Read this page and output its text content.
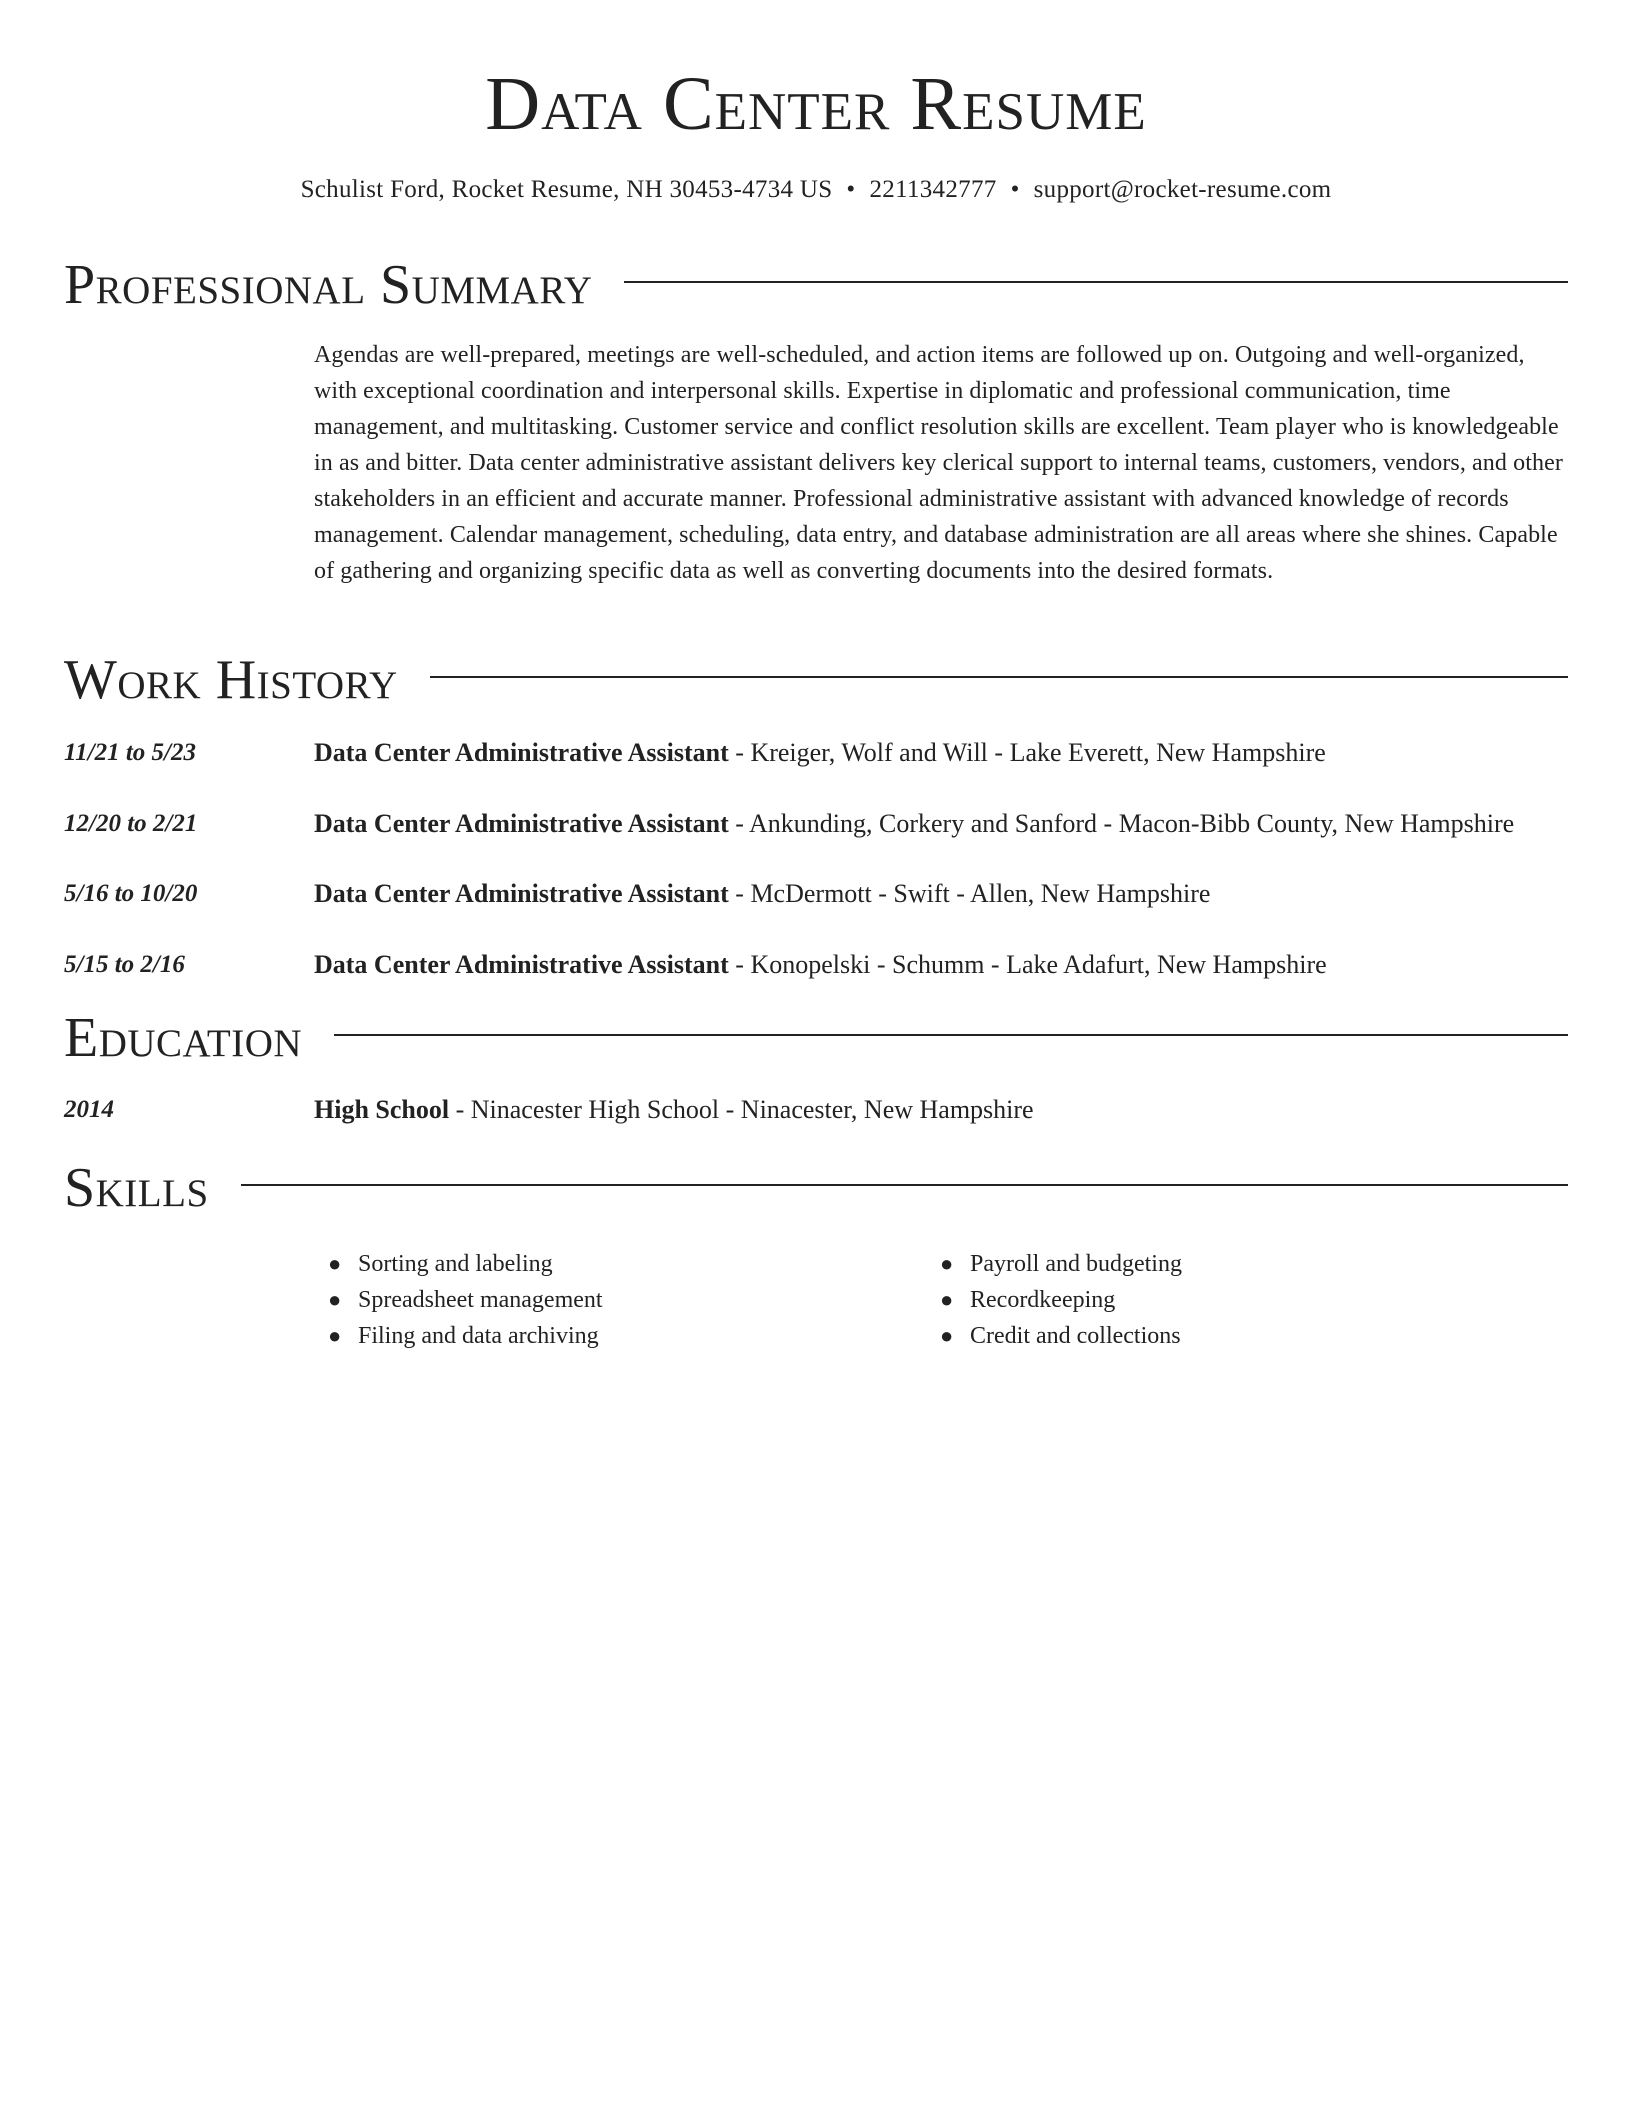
Data Center Resume
Schulist Ford, Rocket Resume, NH 30453-4734 US • 2211342777 • support@rocket-resume.com
Professional Summary

Agendas are well-prepared, meetings are well-scheduled, and action items are followed up on. Outgoing and well-organized, with exceptional coordination and interpersonal skills. Expertise in diplomatic and professional communication, time management, and multitasking. Customer service and conflict resolution skills are excellent. Team player who is knowledgeable in as and bitter. Data center administrative assistant delivers key clerical support to internal teams, customers, vendors, and other stakeholders in an efficient and accurate manner. Professional administrative assistant with advanced knowledge of records management. Calendar management, scheduling, data entry, and database administration are all areas where she shines. Capable of gathering and organizing specific data as well as converting documents into the desired formats.

Work History
11/21 to 5/23	Data Center Administrative Assistant - Kreiger, Wolf and Will - Lake Everett, New Hampshire
12/20 to 2/21	Data Center Administrative Assistant - Ankunding, Corkery and Sanford - Macon-Bibb County, New Hampshire
5/16 to 10/20	Data Center Administrative Assistant - McDermott - Swift - Allen, New Hampshire
5/15 to 2/16	Data Center Administrative Assistant - Konopelski - Schumm - Lake Adafurt, New Hampshire
Education
2014	High School - Ninacester High School - Ninacester, New Hampshire
Skills
● Sorting and labeling
● Spreadsheet management
● Filing and data archiving
● Payroll and budgeting
● Recordkeeping
● Credit and collections
